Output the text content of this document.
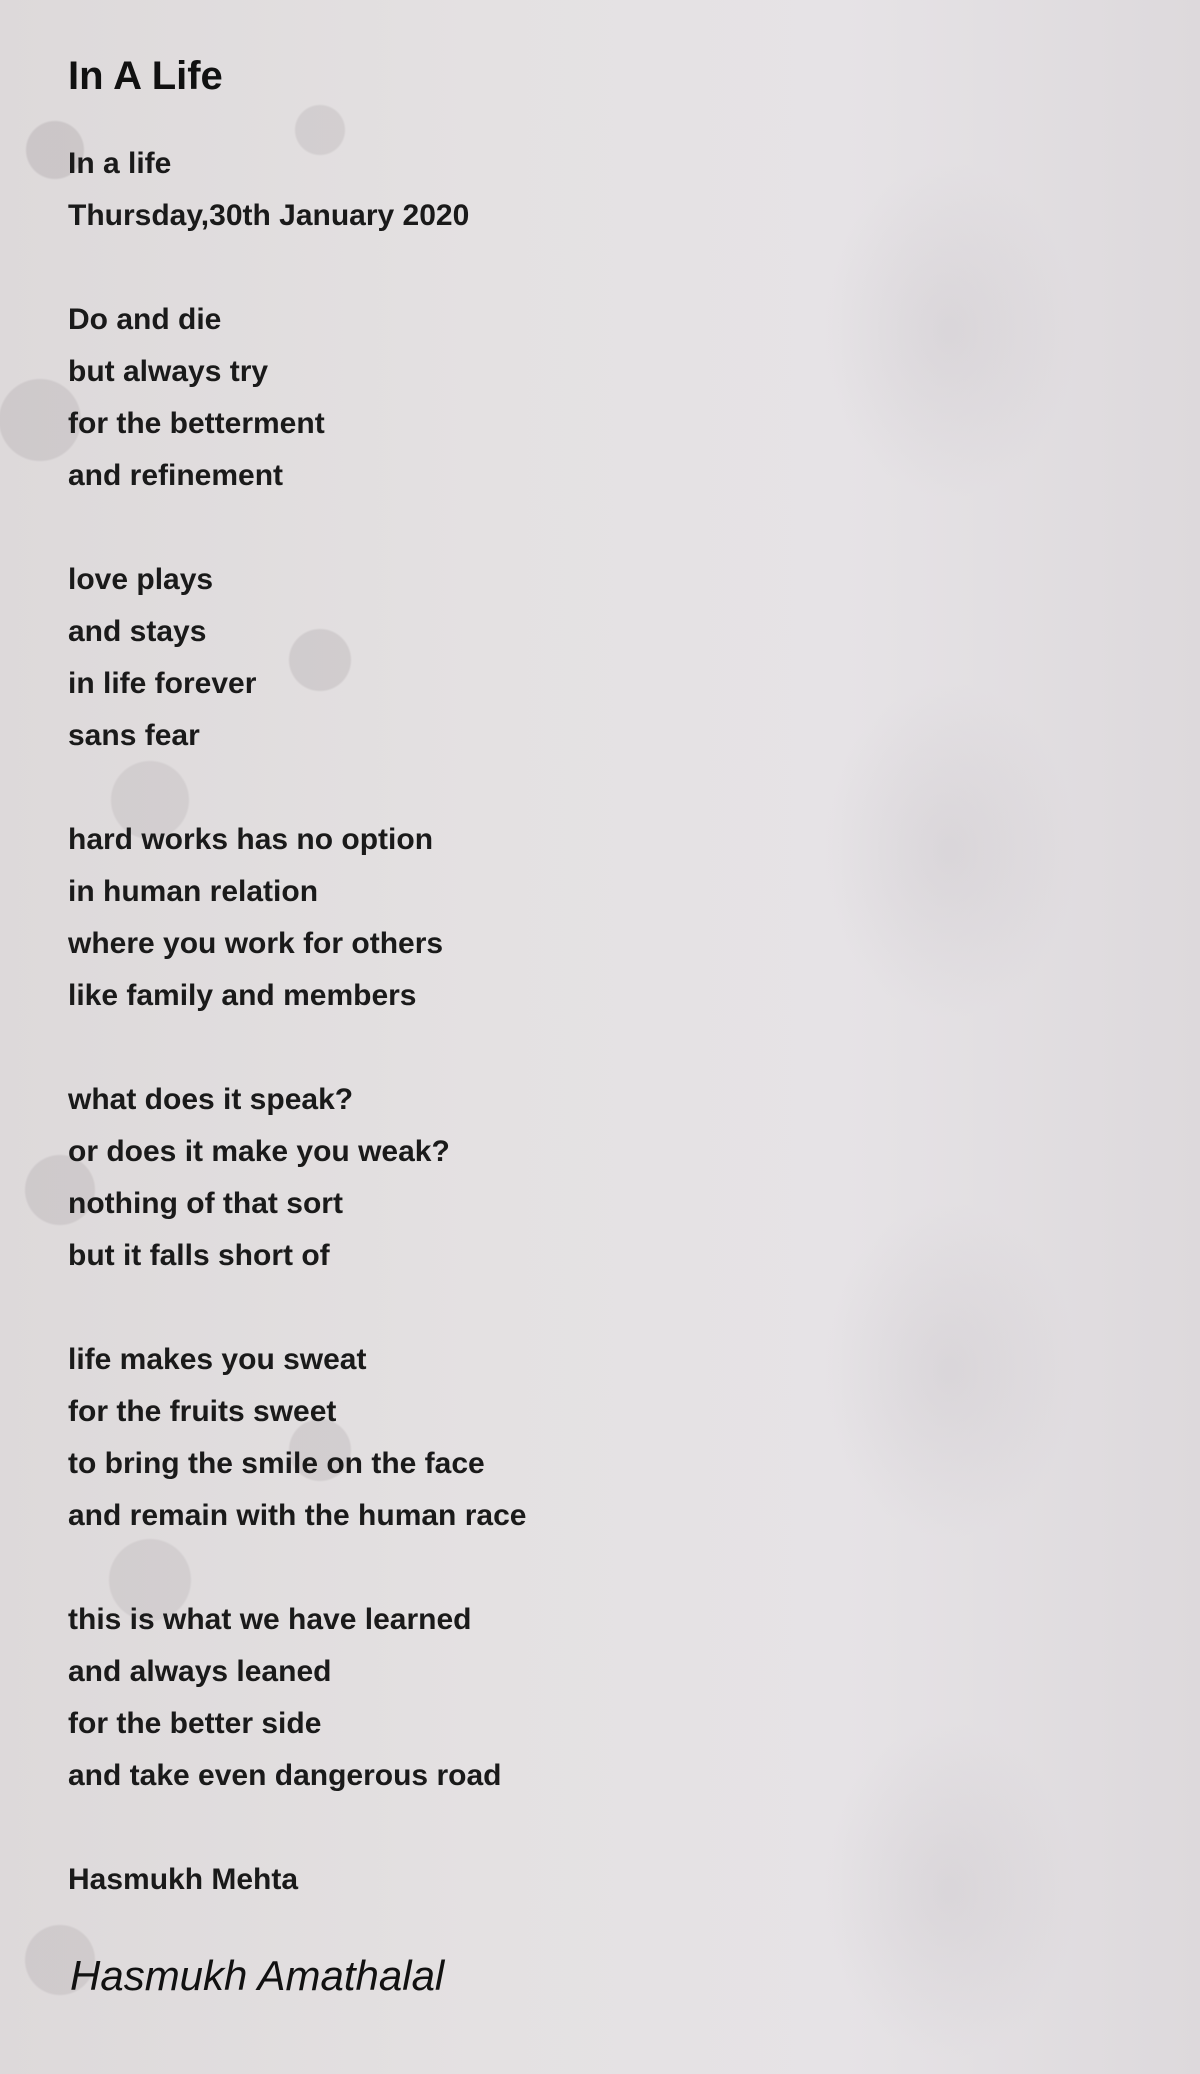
In A Life
In a life
Thursday,30th January 2020
Do and die
but always try
for the betterment
and refinement
love plays
and stays
in life forever
sans fear
hard works has no option
in human relation
where you work for others
like family and members
what does it speak?
or does it make you weak?
nothing of that sort
but it falls short of
life makes you sweat
for the fruits sweet
to bring the smile on the face
and remain with the human race
this is what we have learned
and always leaned
for the better side
and take even dangerous road
Hasmukh Mehta
Hasmukh Amathalal
